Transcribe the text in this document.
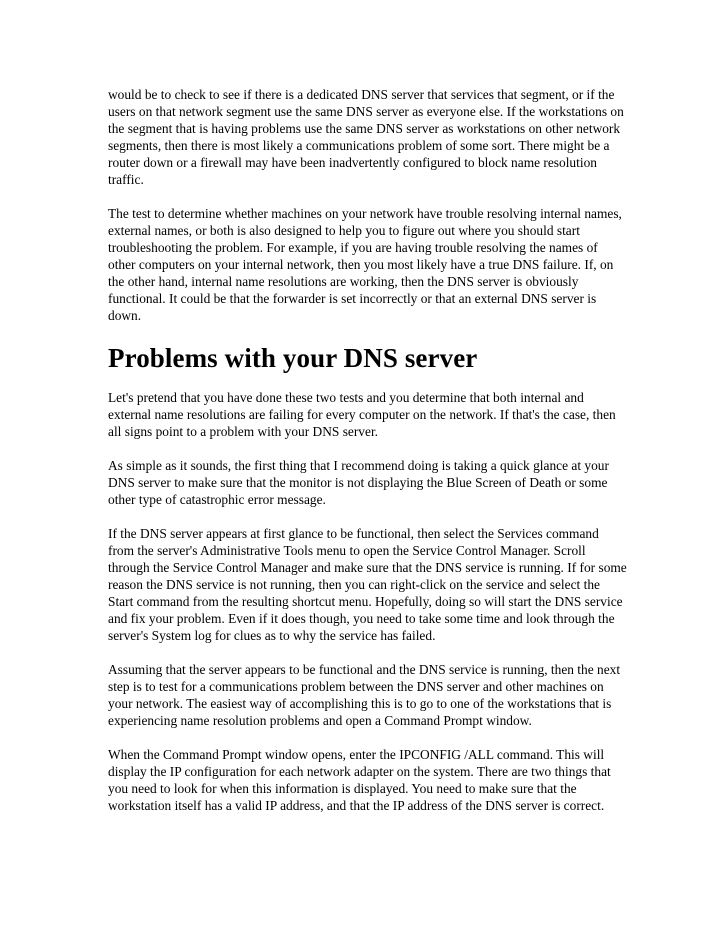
would be to check to see if there is a dedicated DNS server that services that segment, or if the users on that network segment use the same DNS server as everyone else. If the workstations on the segment that is having problems use the same DNS server as workstations on other network segments, then there is most likely a communications problem of some sort. There might be a router down or a firewall may have been inadvertently configured to block name resolution traffic.

The test to determine whether machines on your network have trouble resolving internal names, external names, or both is also designed to help you to figure out where you should start troubleshooting the problem. For example, if you are having trouble resolving the names of other computers on your internal network, then you most likely have a true DNS failure. If, on the other hand, internal name resolutions are working, then the DNS server is obviously functional. It could be that the forwarder is set incorrectly or that an external DNS server is down.

Problems with your DNS server

Let's pretend that you have done these two tests and you determine that both internal and external name resolutions are failing for every computer on the network. If that's the case, then all signs point to a problem with your DNS server.

As simple as it sounds, the first thing that I recommend doing is taking a quick glance at your DNS server to make sure that the monitor is not displaying the Blue Screen of Death or some other type of catastrophic error message.

If the DNS server appears at first glance to be functional, then select the Services command from the server's Administrative Tools menu to open the Service Control Manager. Scroll through the Service Control Manager and make sure that the DNS service is running. If for some reason the DNS service is not running, then you can right-click on the service and select the Start command from the resulting shortcut menu. Hopefully, doing so will start the DNS service and fix your problem. Even if it does though, you need to take some time and look through the server's System log for clues as to why the service has failed.

Assuming that the server appears to be functional and the DNS service is running, then the next step is to test for a communications problem between the DNS server and other machines on your network. The easiest way of accomplishing this is to go to one of the workstations that is experiencing name resolution problems and open a Command Prompt window.

When the Command Prompt window opens, enter the IPCONFIG /ALL command. This will display the IP configuration for each network adapter on the system. There are two things that you need to look for when this information is displayed. You need to make sure that the workstation itself has a valid IP address, and that the IP address of the DNS server is correct.
